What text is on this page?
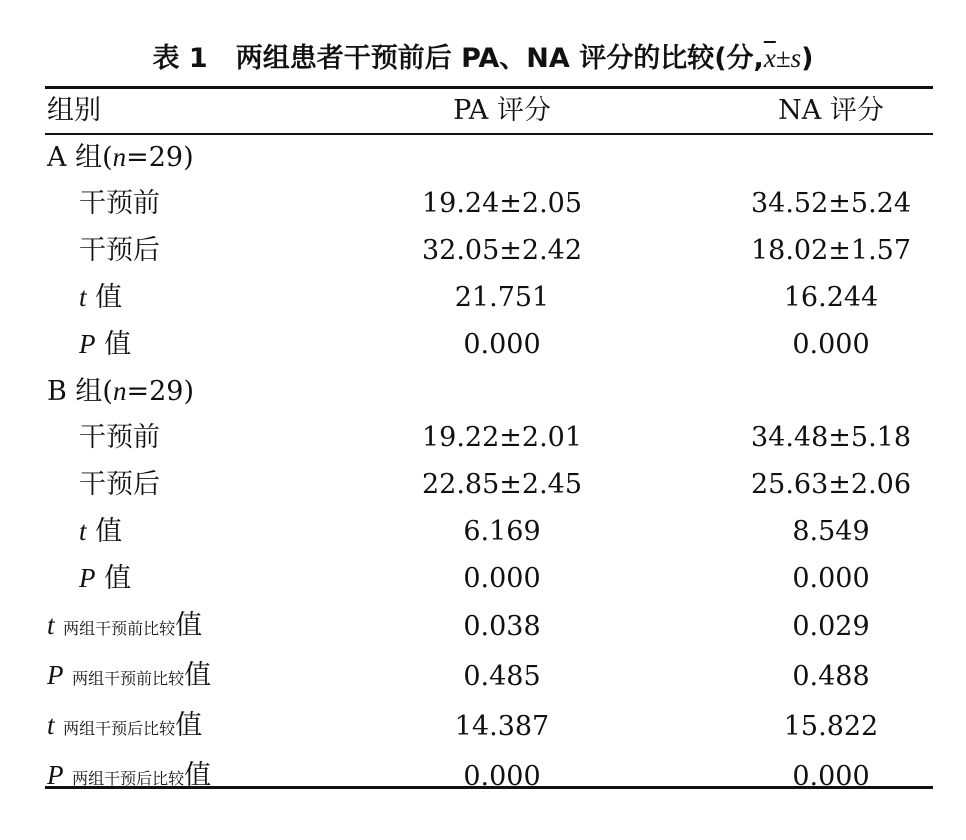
表 1 两组患者干预前后 PA、NA 评分的比较(分$,\overline{x}\pm s$)
组别	PA 评分	NA 评分
A 组(n=29)		
干预前	19.24±2.05	34.52±5.24
干预后	32.05±2.42	18.02±1.57
t 值	21.751	16.244
P 值	0.000	0.000
B 组(n=29)		
干预前	19.22±2.01	34.48±5.18
干预后	22.85±2.45	25.63±2.06
t 值	6.169	8.549
P 值	0.000	0.000
t 两组干预前比较值	0.038	0.029
P 两组干预前比较值	0.485	0.488
t 两组干预后比较值	14.387	15.822
P 两组干预后比较值	0.000	0.000
